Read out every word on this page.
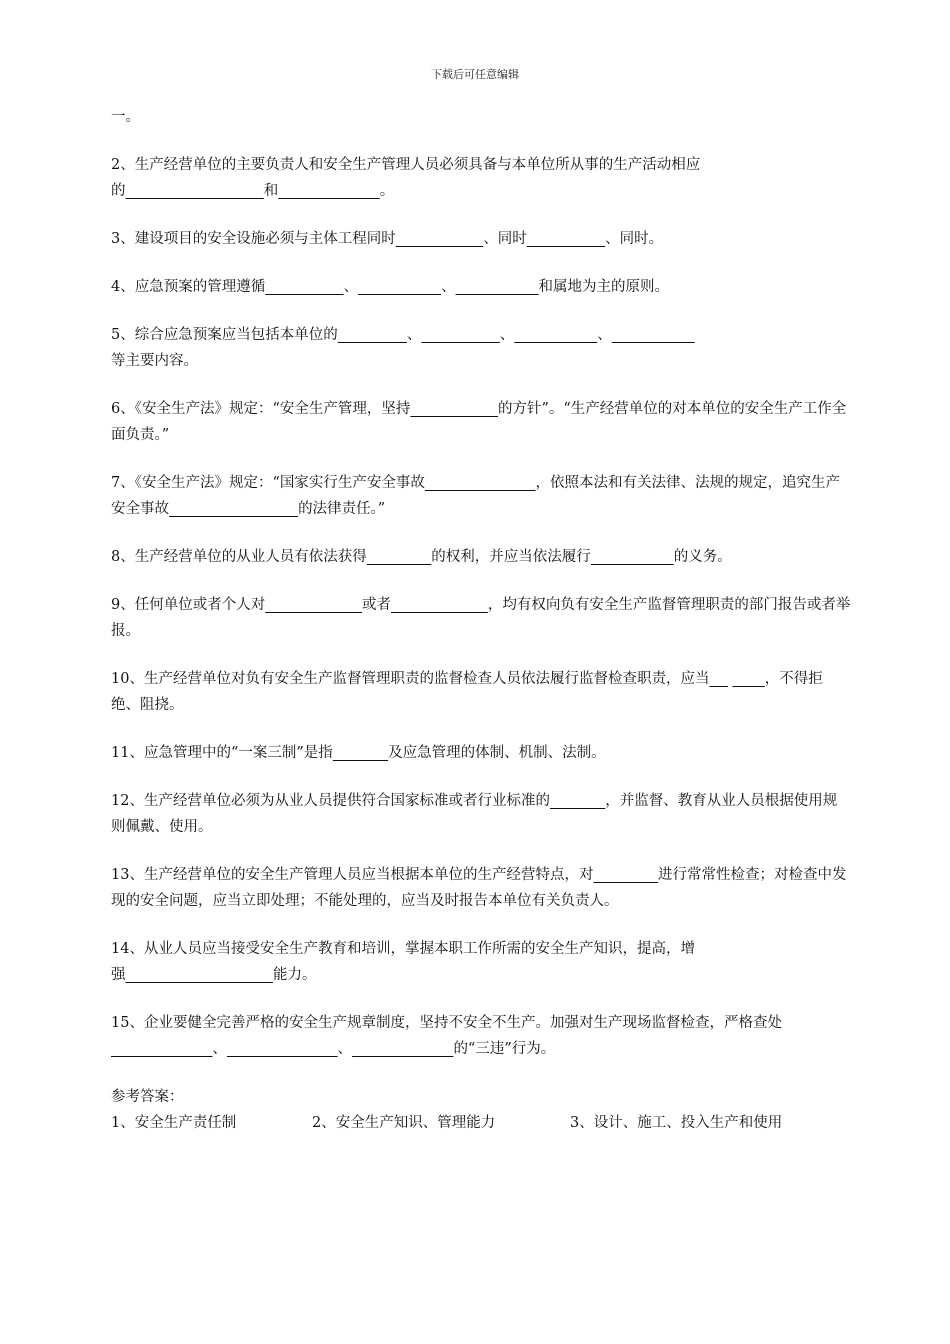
下载后可任意编辑
一。
2、生产经营单位的主要负责人和安全生产管理人员必须具备与本单位所从事的生产活动相应的	和	。
3、建设项目的安全设施必须与主体工程同时	、同时	、同时。
4、应急预案的管理遵循	、	、	和属地为主的原则。
5、综合应急预案应当包括本单位的	、	、	、
等主要内容。
6、《安全生产法》规定：“安全生产管理，坚持	的方针”。“生产经营单位的对本单位的安全生产工作全面负责。”
7、《安全生产法》规定：“国家实行生产安全事故	，依照本法和有关法律、法规的规定，追究生产安全事故	的法律责任。”
8、生产经营单位的从业人员有依法获得	的权利，并应当依法履行	的义务。
9、任何单位或者个人对	或者	，均有权向负有安全生产监督管理职责的部门报告或者举报。
10、生产经营单位对负有安全生产监督管理职责的监督检查人员依法履行监督检查职责，应当	，不得拒绝、阻挠。
11、应急管理中的“一案三制”是指	及应急管理的体制、机制、法制。
12、生产经营单位必须为从业人员提供符合国家标准或者行业标准的	，并监督、教育从业人员根据使用规则佩戴、使用。
13、生产经营单位的安全生产管理人员应当根据本单位的生产经营特点，对	进行常常性检查；对检查中发现的安全问题，应当立即处理；不能处理的，应当及时报告本单位有关负责人。
14、从业人员应当接受安全生产教育和培训，掌握本职工作所需的安全生产知识，提高，增强	能力。
15、企业要健全完善严格的安全生产规章制度，坚持不安全不生产。加强对生产现场监督检查，严格查处                       、	、	的“三违”行为。
参考答案：
1、安全生产责任制	2、安全生产知识、管理能力	3、设计、施工、投入生产和使用
